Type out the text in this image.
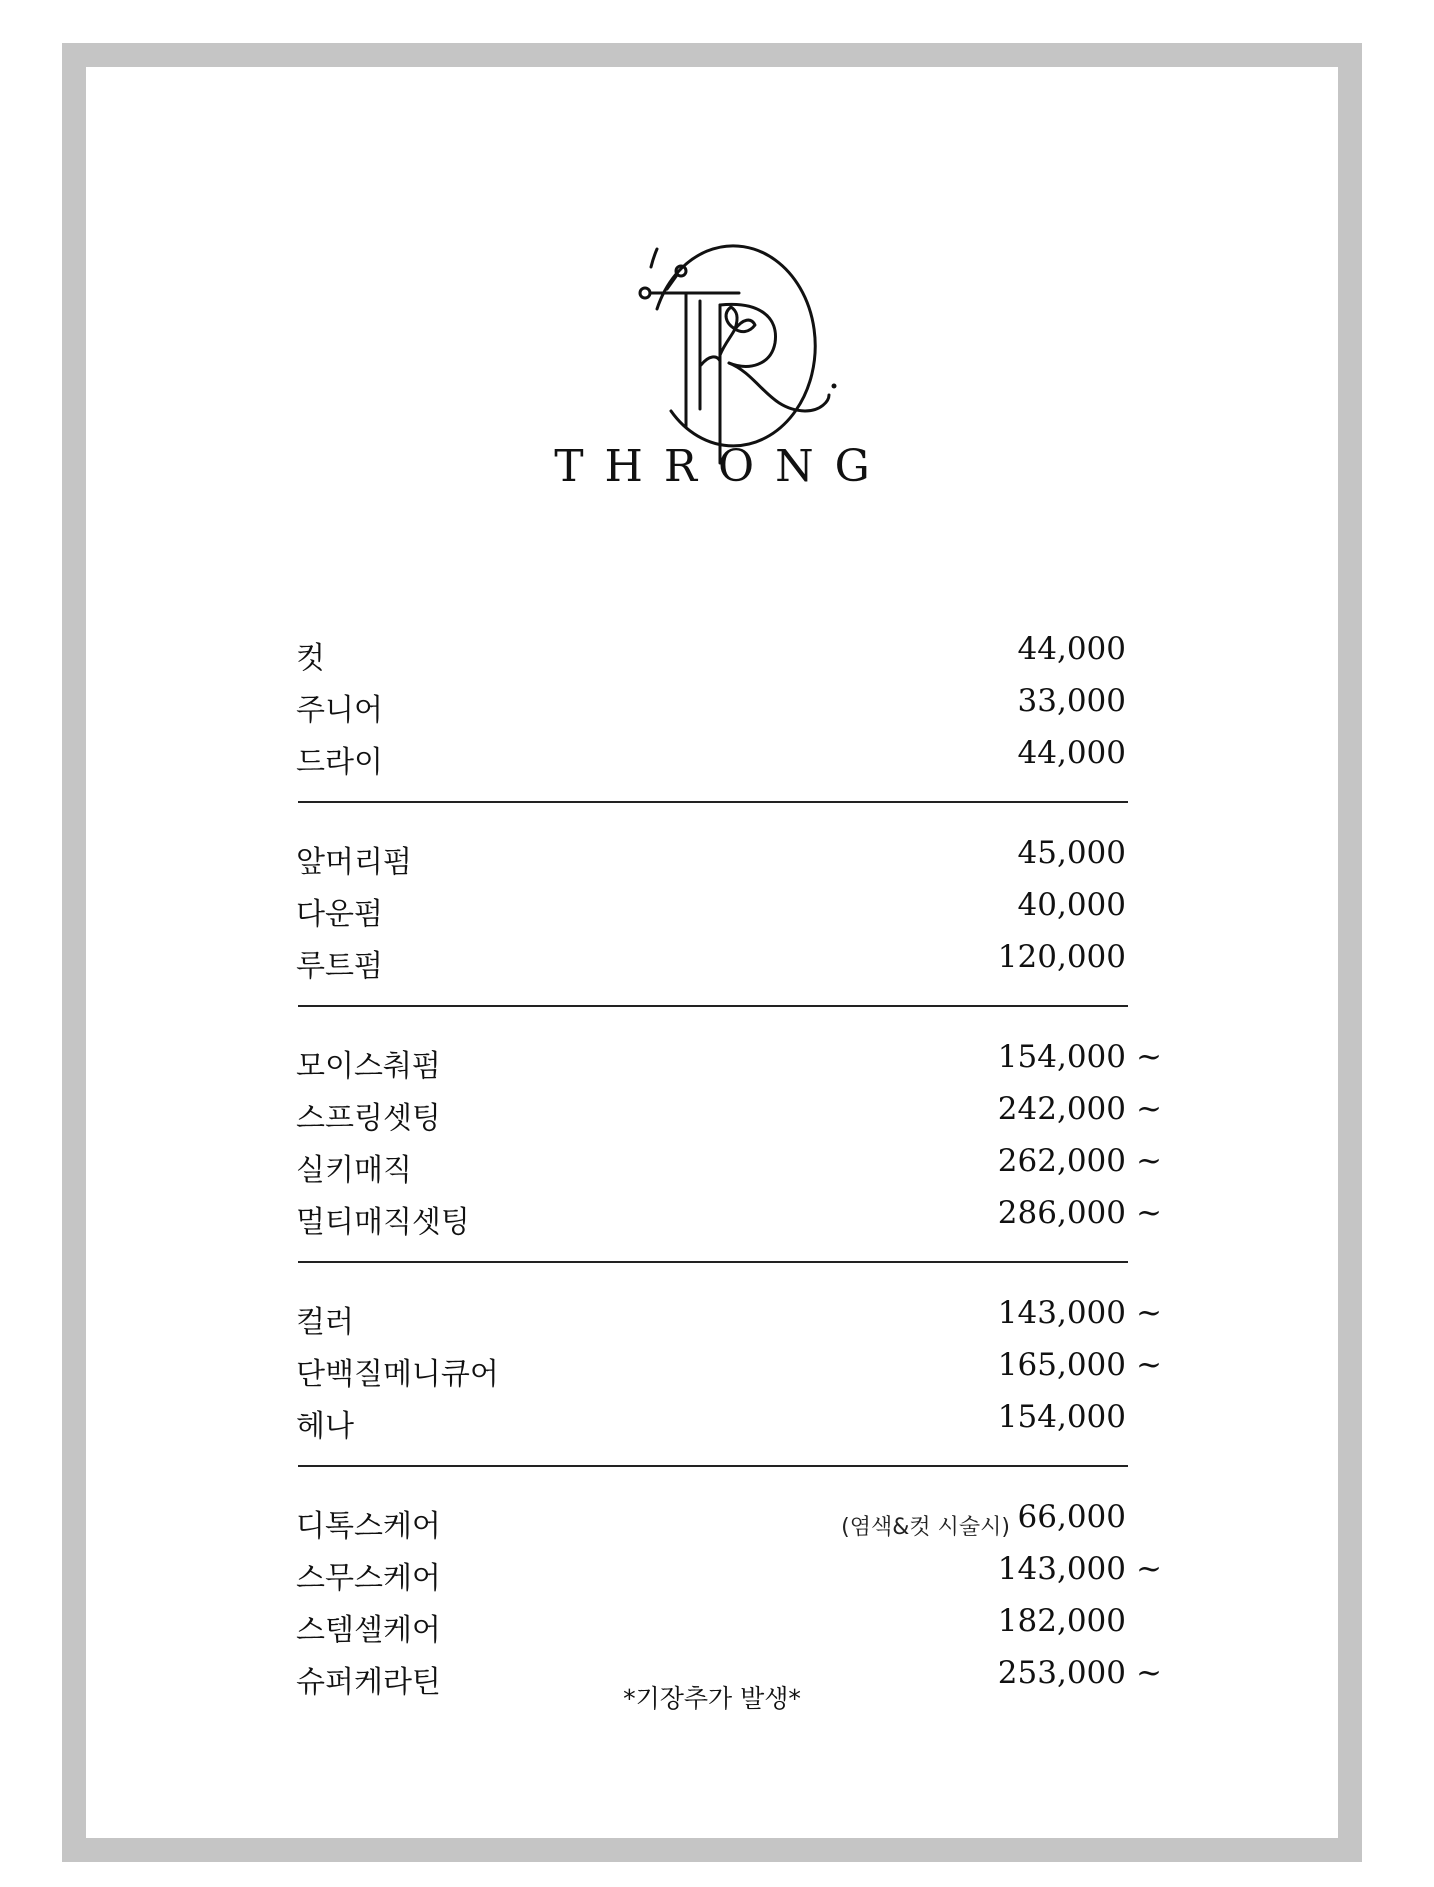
THRONG
컷	44,000
주니어	33,000
드라이	44,000
앞머리펌	45,000
다운펌	40,000
루트펌	120,000
모이스춰펌	154,000 ~
스프링셋팅	242,000 ~
실키매직	262,000 ~
멀티매직셋팅	286,000 ~
컬러	143,000 ~
단백질메니큐어	165,000 ~
헤나	154,000
디톡스케어	(염색&컷 시술시) 66,000
스무스케어	143,000 ~
스템셀케어	182,000
슈퍼케라틴	253,000 ~
*기장추가 발생*
